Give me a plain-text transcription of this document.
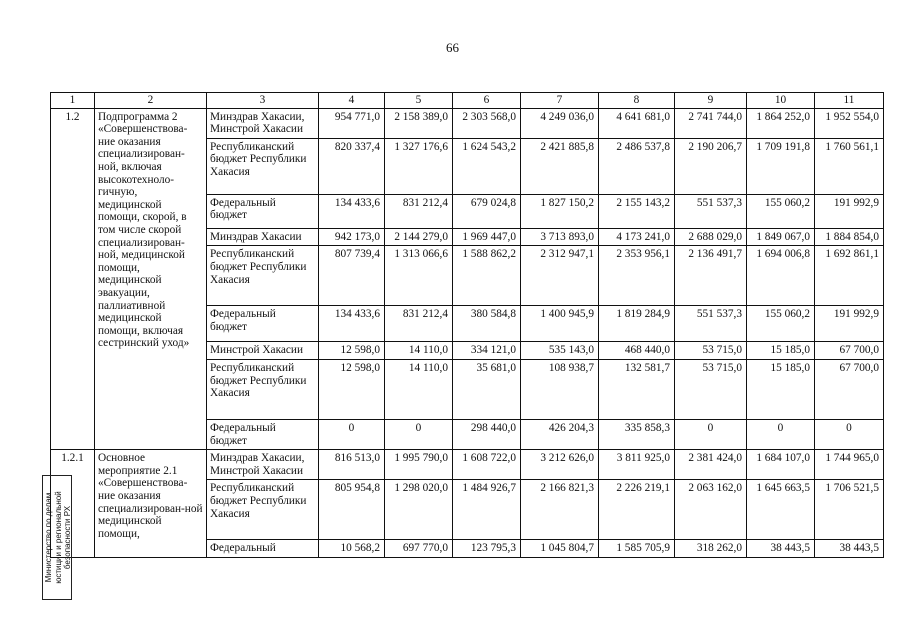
66
1	2	3	4	5	6	7	8	9	10	11
1.2	Подпрограмма 2 «Совершенствова-ние оказания специализирован-ной, включая высокотехноло-гичную, медицинской помощи, скорой, в том числе скорой специализирован-ной, медицинской помощи, медицинской эвакуации, паллиативной медицинской помощи, включая сестринский уход»	Минздрав Хакасии, Минстрой Хакасии	954 771,0	2 158 389,0	2 303 568,0	4 249 036,0	4 641 681,0	2 741 744,0	1 864 252,0	1 952 554,0
		Республиканский бюджет Республики Хакасия	820 337,4	1 327 176,6	1 624 543,2	2 421 885,8	2 486 537,8	2 190 206,7	1 709 191,8	1 760 561,1
		Федеральный бюджет	134 433,6	831 212,4	679 024,8	1 827 150,2	2 155 143,2	551 537,3	155 060,2	191 992,9
		Минздрав Хакасии	942 173,0	2 144 279,0	1 969 447,0	3 713 893,0	4 173 241,0	2 688 029,0	1 849 067,0	1 884 854,0
		Республиканский бюджет Республики Хакасия	807 739,4	1 313 066,6	1 588 862,2	2 312 947,1	2 353 956,1	2 136 491,7	1 694 006,8	1 692 861,1
		Федеральный бюджет	134 433,6	831 212,4	380 584,8	1 400 945,9	1 819 284,9	551 537,3	155 060,2	191 992,9
		Минстрой Хакасии	12 598,0	14 110,0	334 121,0	535 143,0	468 440,0	53 715,0	15 185,0	67 700,0
		Республиканский бюджет Республики Хакасия	12 598,0	14 110,0	35 681,0	108 938,7	132 581,7	53 715,0	15 185,0	67 700,0
		Федеральный бюджет	0	0	298 440,0	426 204,3	335 858,3	0	0	0
1.2.1	Основное мероприятие 2.1 «Совершенствова-ние оказания специализирован-ной медицинской помощи,	Минздрав Хакасии, Минстрой Хакасии	816 513,0	1 995 790,0	1 608 722,0	3 212 626,0	3 811 925,0	2 381 424,0	1 684 107,0	1 744 965,0
		Республиканский бюджет Республики Хакасия	805 954,8	1 298 020,0	1 484 926,7	2 166 821,3	2 226 219,1	2 063 162,0	1 645 663,5	1 706 521,5
		Федеральный	10 568,2	697 770,0	123 795,3	1 045 804,7	1 585 705,9	318 262,0	38 443,5	38 443,5
Министерство по делам юстиции и региональной безопасности РХ
